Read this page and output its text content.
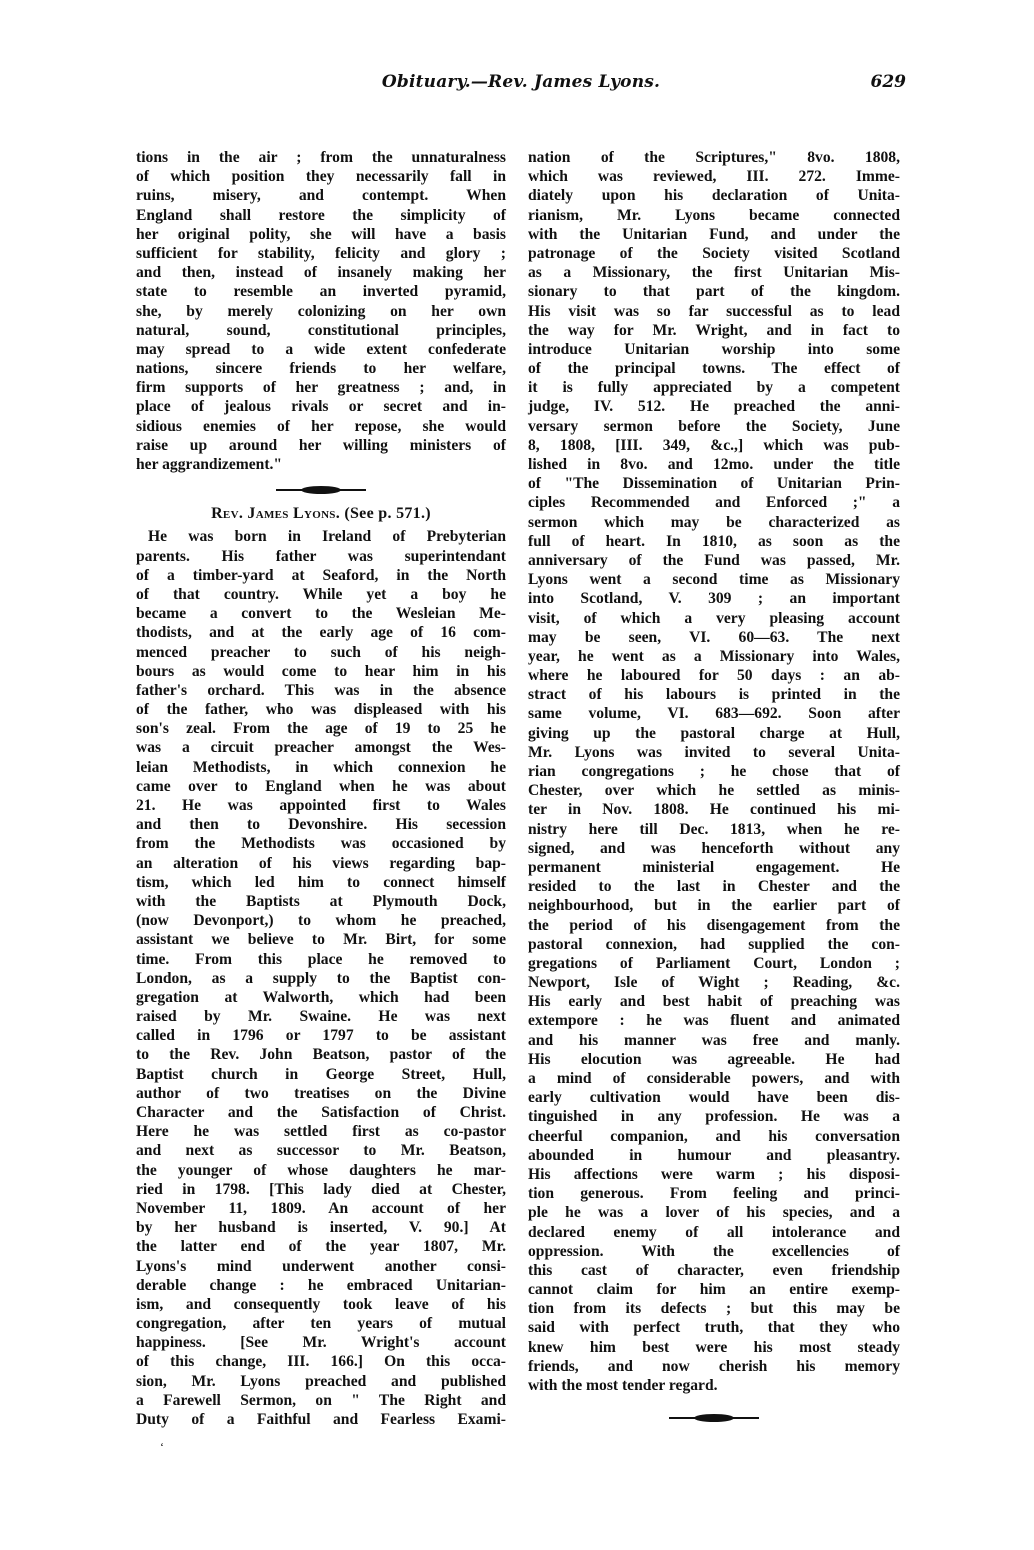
Obituary.—Rev. James Lyons.	629
tions in the air ; from the unnaturalness
of which position they necessarily fall in
ruins, misery, and contempt. When
England shall restore the simplicity of
her original polity, she will have a basis
sufficient for stability, felicity and glory ;
and then, instead of insanely making her
state to resemble an inverted pyramid,
she, by merely colonizing on her own
natural, sound, constitutional principles,
may spread to a wide extent confederate
nations, sincere friends to her welfare,
firm supports of her greatness ; and, in
place of jealous rivals or secret and in-
sidious enemies of her repose, she would
raise up around her willing ministers of
her aggrandizement."
Rev. James Lyons. (See p. 571.)
He was born in Ireland of Prebyterian
parents. His father was superintendant
of a timber-yard at Seaford, in the North
of that country. While yet a boy he
became a convert to the Wesleian Me-
thodists, and at the early age of 16 com-
menced preacher to such of his neigh-
bours as would come to hear him in his
father's orchard. This was in the absence
of the father, who was displeased with his
son's zeal. From the age of 19 to 25 he
was a circuit preacher amongst the Wes-
leian Methodists, in which connexion he
came over to England when he was about
21. He was appointed first to Wales
and then to Devonshire. His secession
from the Methodists was occasioned by
an alteration of his views regarding bap-
tism, which led him to connect himself
with the Baptists at Plymouth Dock,
(now Devonport,) to whom he preached,
assistant we believe to Mr. Birt, for some
time. From this place he removed to
London, as a supply to the Baptist con-
gregation at Walworth, which had been
raised by Mr. Swaine. He was next
called in 1796 or 1797 to be assistant
to the Rev. John Beatson, pastor of the
Baptist church in George Street, Hull,
author of two treatises on the Divine
Character and the Satisfaction of Christ.
Here he was settled first as co-pastor
and next as successor to Mr. Beatson,
the younger of whose daughters he mar-
ried in 1798. [This lady died at Chester,
November 11, 1809. An account of her
by her husband is inserted, V. 90.] At
the latter end of the year 1807, Mr.
Lyons's mind underwent another consi-
derable change : he embraced Unitarian-
ism, and consequently took leave of his
congregation, after ten years of mutual
happiness. [See Mr. Wright's account
of this change, III. 166.] On this occa-
sion, Mr. Lyons preached and published
a Farewell Sermon, on " The Right and
Duty of a Faithful and Fearless Exami-
nation of the Scriptures," 8vo. 1808,
which was reviewed, III. 272. Imme-
diately upon his declaration of Unita-
rianism, Mr. Lyons became connected
with the Unitarian Fund, and under the
patronage of the Society visited Scotland
as a Missionary, the first Unitarian Mis-
sionary to that part of the kingdom.
His visit was so far successful as to lead
the way for Mr. Wright, and in fact to
introduce Unitarian worship into some
of the principal towns. The effect of
it is fully appreciated by a competent
judge, IV. 512. He preached the anni-
versary sermon before the Society, June
8, 1808, [III. 349, &c.,] which was pub-
lished in 8vo. and 12mo. under the title
of "The Dissemination of Unitarian Prin-
ciples Recommended and Enforced ;" a
sermon which may be characterized as
full of heart. In 1810, as soon as the
anniversary of the Fund was passed, Mr.
Lyons went a second time as Missionary
into Scotland, V. 309 ; an important
visit, of which a very pleasing account
may be seen, VI. 60—63. The next
year, he went as a Missionary into Wales,
where he laboured for 50 days : an ab-
stract of his labours is printed in the
same volume, VI. 683—692. Soon after
giving up the pastoral charge at Hull,
Mr. Lyons was invited to several Unita-
rian congregations ; he chose that of
Chester, over which he settled as minis-
ter in Nov. 1808. He continued his mi-
nistry here till Dec. 1813, when he re-
signed, and was henceforth without any
permanent ministerial engagement. He
resided to the last in Chester and the
neighbourhood, but in the earlier part of
the period of his disengagement from the
pastoral connexion, had supplied the con-
gregations of Parliament Court, London ;
Newport, Isle of Wight ; Reading, &c.
His early and best habit of preaching was
extempore : he was fluent and animated
and his manner was free and manly.
His elocution was agreeable. He had
a mind of considerable powers, and with
early cultivation would have been dis-
tinguished in any profession. He was a
cheerful companion, and his conversation
abounded in humour and pleasantry.
His affections were warm ; his disposi-
tion generous. From feeling and princi-
ple he was a lover of his species, and a
declared enemy of all intolerance and
oppression. With the excellencies of
this cast of character, even friendship
cannot claim for him an entire exemp-
tion from its defects ; but this may be
said with perfect truth, that they who
knew him best were his most steady
friends, and now cherish his memory
with the most tender regard.
ʻ
